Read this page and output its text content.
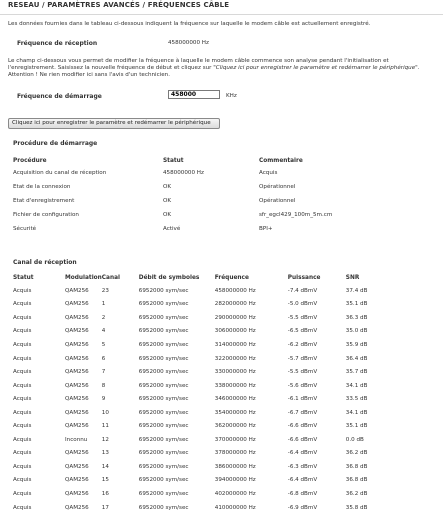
RESEAU / PARAMÈTRES AVANCÉS / FRÉQUENCES CÂBLE
Les données fournies dans le tableau ci-dessous indiquent la fréquence sur laquelle le modem câble est actuellement enregistré.
Fréquence de réception	458000000 Hz

Le champ ci-dessous vous permet de modifier la fréquence à laquelle le modem câble commence son analyse pendant l'initialisation et

l'enregistrement. Saisissez la nouvelle fréquence de début et cliquez sur "Cliquez ici pour enregistrer le paramètre et redémarrer le périphérique".

Attention ! Ne rien modifier ici sans l'avis d'un technicien.

Fréquence de démarrage
458000	KHz
Cliquez ici pour enregistrer le paramètre et redémarrer le périphérique
Procédure de démarrage
Procédure	Statut	Commentaire
Acquisition du canal de réception	458000000 Hz	Acquis
Etat de la connexion	OK	Opérationnel
Etat d'enregistrement	OK	Opérationnel
Fichier de configuration	OK	sfr_egcl429_100m_5m.cm
Sécurité	Activé	BPI+
Canal de réception
Statut	Modulation	Canal	Débit de symboles	Fréquence	Puissance	SNR
Acquis	QAM256	23	6952000 sym/sec	458000000 Hz	-7.4 dBmV	37.4 dB
Acquis	QAM256	1	6952000 sym/sec	282000000 Hz	-5.0 dBmV	35.1 dB
Acquis	QAM256	2	6952000 sym/sec	290000000 Hz	-5.5 dBmV	36.3 dB
Acquis	QAM256	4	6952000 sym/sec	306000000 Hz	-6.5 dBmV	35.0 dB
Acquis	QAM256	5	6952000 sym/sec	314000000 Hz	-6.2 dBmV	35.9 dB
Acquis	QAM256	6	6952000 sym/sec	322000000 Hz	-5.7 dBmV	36.4 dB
Acquis	QAM256	7	6952000 sym/sec	330000000 Hz	-5.5 dBmV	35.7 dB
Acquis	QAM256	8	6952000 sym/sec	338000000 Hz	-5.6 dBmV	34.1 dB
Acquis	QAM256	9	6952000 sym/sec	346000000 Hz	-6.1 dBmV	33.5 dB
Acquis	QAM256	10	6952000 sym/sec	354000000 Hz	-6.7 dBmV	34.1 dB
Acquis	QAM256	11	6952000 sym/sec	362000000 Hz	-6.6 dBmV	35.1 dB
Acquis	Inconnu	12	6952000 sym/sec	370000000 Hz	-6.6 dBmV	0.0 dB
Acquis	QAM256	13	6952000 sym/sec	378000000 Hz	-6.4 dBmV	36.2 dB
Acquis	QAM256	14	6952000 sym/sec	386000000 Hz	-6.3 dBmV	36.8 dB
Acquis	QAM256	15	6952000 sym/sec	394000000 Hz	-6.4 dBmV	36.8 dB
Acquis	QAM256	16	6952000 sym/sec	402000000 Hz	-6.8 dBmV	36.2 dB
Acquis	QAM256	17	6952000 sym/sec	410000000 Hz	-6.9 dBmV	35.8 dB
